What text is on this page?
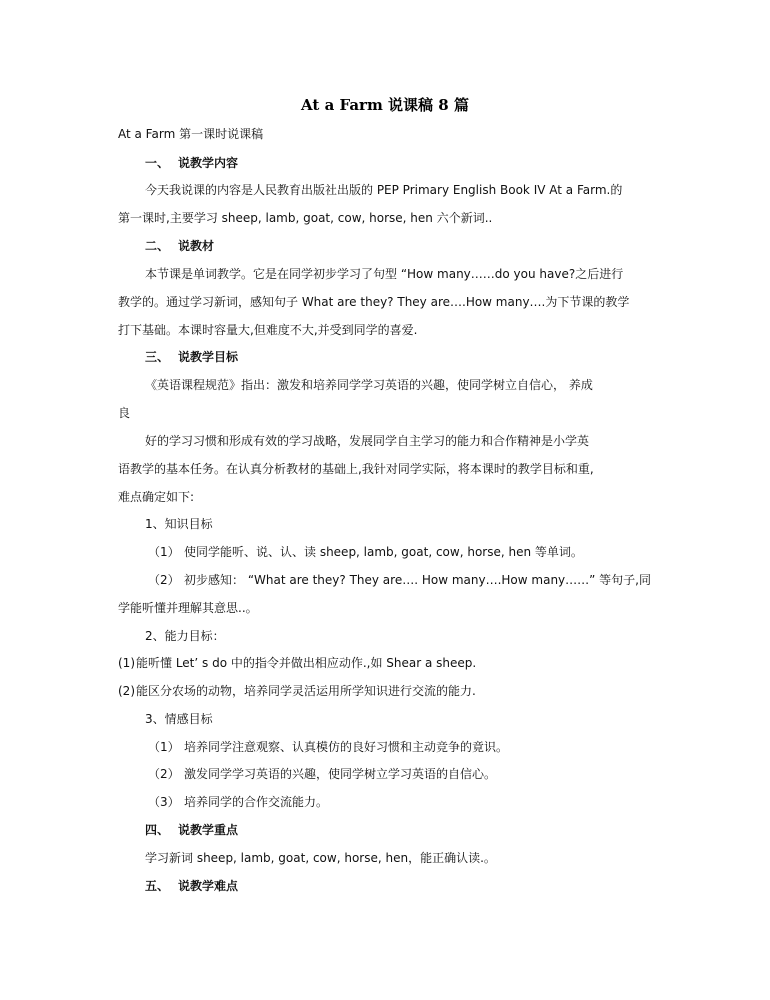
At a Farm 说课稿 8 篇
At a Farm 第一课时说课稿
一、 说教学内容
今天我说课的内容是人民教育出版社出版的 PEP Primary English Book IV At a Farm.的
第一课时,主要学习 sheep, lamb, goat, cow, horse, hen 六个新词..
二、 说教材
本节课是单词教学。它是在同学初步学习了句型 “How many……do you have?之后进行
教学的。通过学习新词，感知句子 What are they? They are….How many….为下节课的教学
打下基础。本课时容量大,但难度不大,并受到同学的喜爱.
三、 说教学目标
《英语课程规范》指出：激发和培养同学学习英语的兴趣，使同学树立自信心， 养成
良
好的学习习惯和形成有效的学习战略，发展同学自主学习的能力和合作精神是小学英
语教学的基本任务。在认真分析教材的基础上,我针对同学实际，将本课时的教学目标和重,
难点确定如下:
1、知识目标
（1） 使同学能听、说、认、读 sheep, lamb, goat, cow, horse, hen 等单词。
（2） 初步感知： “What are they? They are…. How many….How many……” 等句子,同
学能听懂并理解其意思..。
2、能力目标：
(1)能听懂 Let’ s do 中的指令并做出相应动作.,如 Shear a sheep.
(2)能区分农场的动物，培养同学灵活运用所学知识进行交流的能力.
3、情感目标
（1） 培养同学注意观察、认真模仿的良好习惯和主动竞争的竟识。
（2） 激发同学学习英语的兴趣，使同学树立学习英语的自信心。
（3） 培养同学的合作交流能力。
四、 说教学重点
学习新词 sheep, lamb, goat, cow, horse, hen，能正确认读.。
五、 说教学难点
